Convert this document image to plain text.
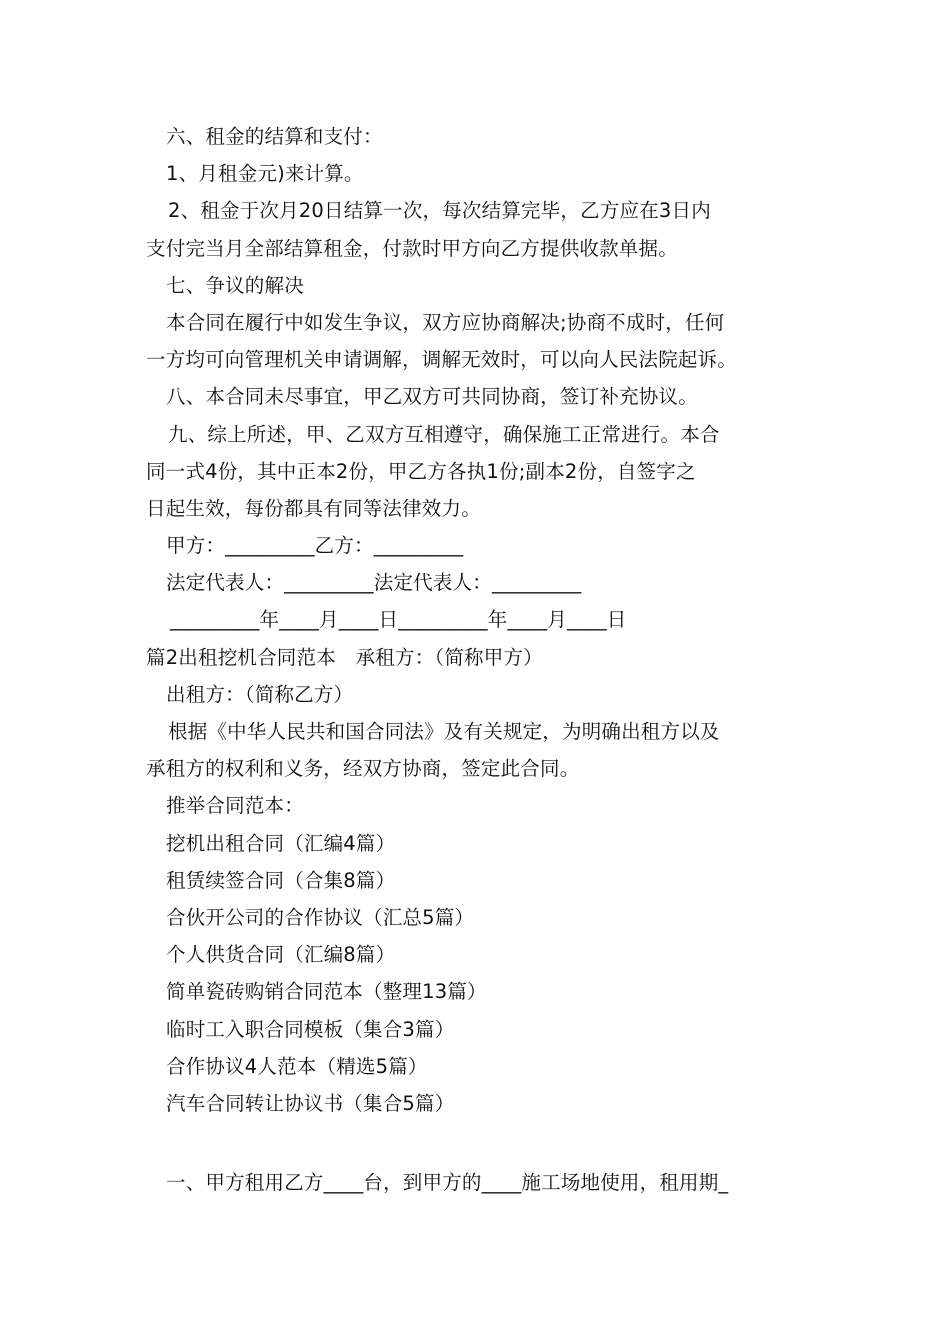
六、租金的结算和支付：
1、月租金元)来计算。
2、租金于次月20日结算一次，每次结算完毕，乙方应在3日内
支付完当月全部结算租金，付款时甲方向乙方提供收款单据。
七、争议的解决
本合同在履行中如发生争议，双方应协商解决;协商不成时，任何
一方均可向管理机关申请调解，调解无效时，可以向人民法院起诉。
八、本合同未尽事宜，甲乙双方可共同协商，签订补充协议。
九、综上所述，甲、乙双方互相遵守，确保施工正常进行。本合
同一式4份，其中正本2份，甲乙方各执1份;副本2份，自签字之
日起生效，每份都具有同等法律效力。
甲方：_________乙方：_________
法定代表人：_________法定代表人：_________
_________年____月____日_________年____月____日
篇2出租挖机合同范本　承租方：（简称甲方）
出租方：（简称乙方）
根据《中华人民共和国合同法》及有关规定，为明确出租方以及
承租方的权利和义务，经双方协商，签定此合同。
推举合同范本：
挖机出租合同（汇编4篇）
租赁续签合同（合集8篇）
合伙开公司的合作协议（汇总5篇）
个人供货合同（汇编8篇）
简单瓷砖购销合同范本（整理13篇）
临时工入职合同模板（集合3篇）
合作协议4人范本（精选5篇）
汽车合同转让协议书（集合5篇）
一、甲方租用乙方____台，到甲方的____施工场地使用，租用期_
